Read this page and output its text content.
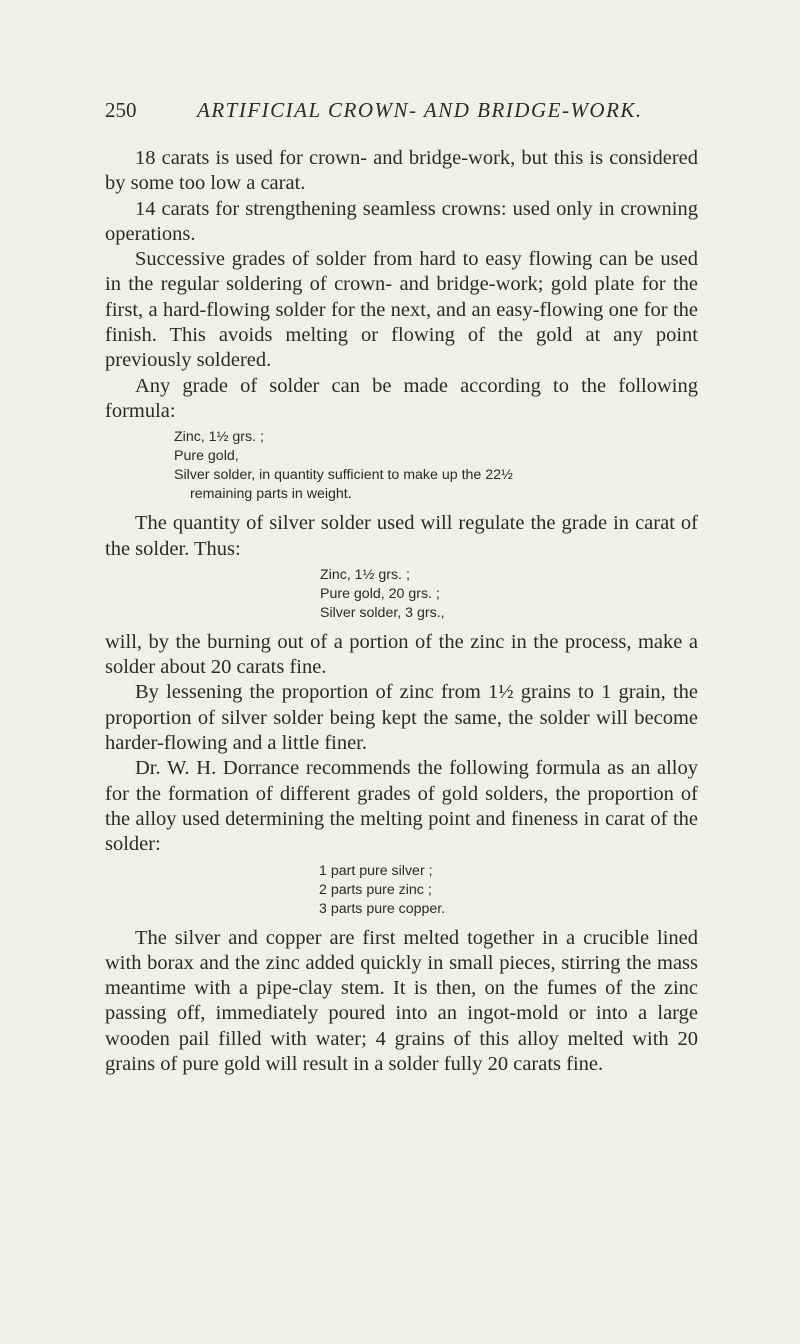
250	ARTIFICIAL CROWN- AND BRIDGE-WORK.

18 carats is used for crown- and bridge-work, but this is considered by some too low a carat.

14 carats for strengthening seamless crowns: used only in crowning operations.

Successive grades of solder from hard to easy flowing can be used in the regular soldering of crown- and bridge-work; gold plate for the first, a hard-flowing solder for the next, and an easy-flowing one for the finish. This avoids melting or flowing of the gold at any point previously soldered.

Any grade of solder can be made according to the following formula:

Zinc, 1½ grs. ;
Pure gold,
Silver solder, in quantity sufficient to make up the 22½
remaining parts in weight.

The quantity of silver solder used will regulate the grade in carat of the solder. Thus:

Zinc, 1½ grs. ;
Pure gold, 20 grs. ;
Silver solder, 3 grs.,

will, by the burning out of a portion of the zinc in the process, make a solder about 20 carats fine.

By lessening the proportion of zinc from 1½ grains to 1 grain, the proportion of silver solder being kept the same, the solder will become harder-flowing and a little finer.

Dr. W. H. Dorrance recommends the following formula as an alloy for the formation of different grades of gold solders, the proportion of the alloy used determining the melting point and fineness in carat of the solder:

1 part pure silver ;
2 parts pure zinc ;
3 parts pure copper.

The silver and copper are first melted together in a crucible lined with borax and the zinc added quickly in small pieces, stirring the mass meantime with a pipe-clay stem. It is then, on the fumes of the zinc passing off, immediately poured into an ingot-mold or into a large wooden pail filled with water; 4 grains of this alloy melted with 20 grains of pure gold will result in a solder fully 20 carats fine.
